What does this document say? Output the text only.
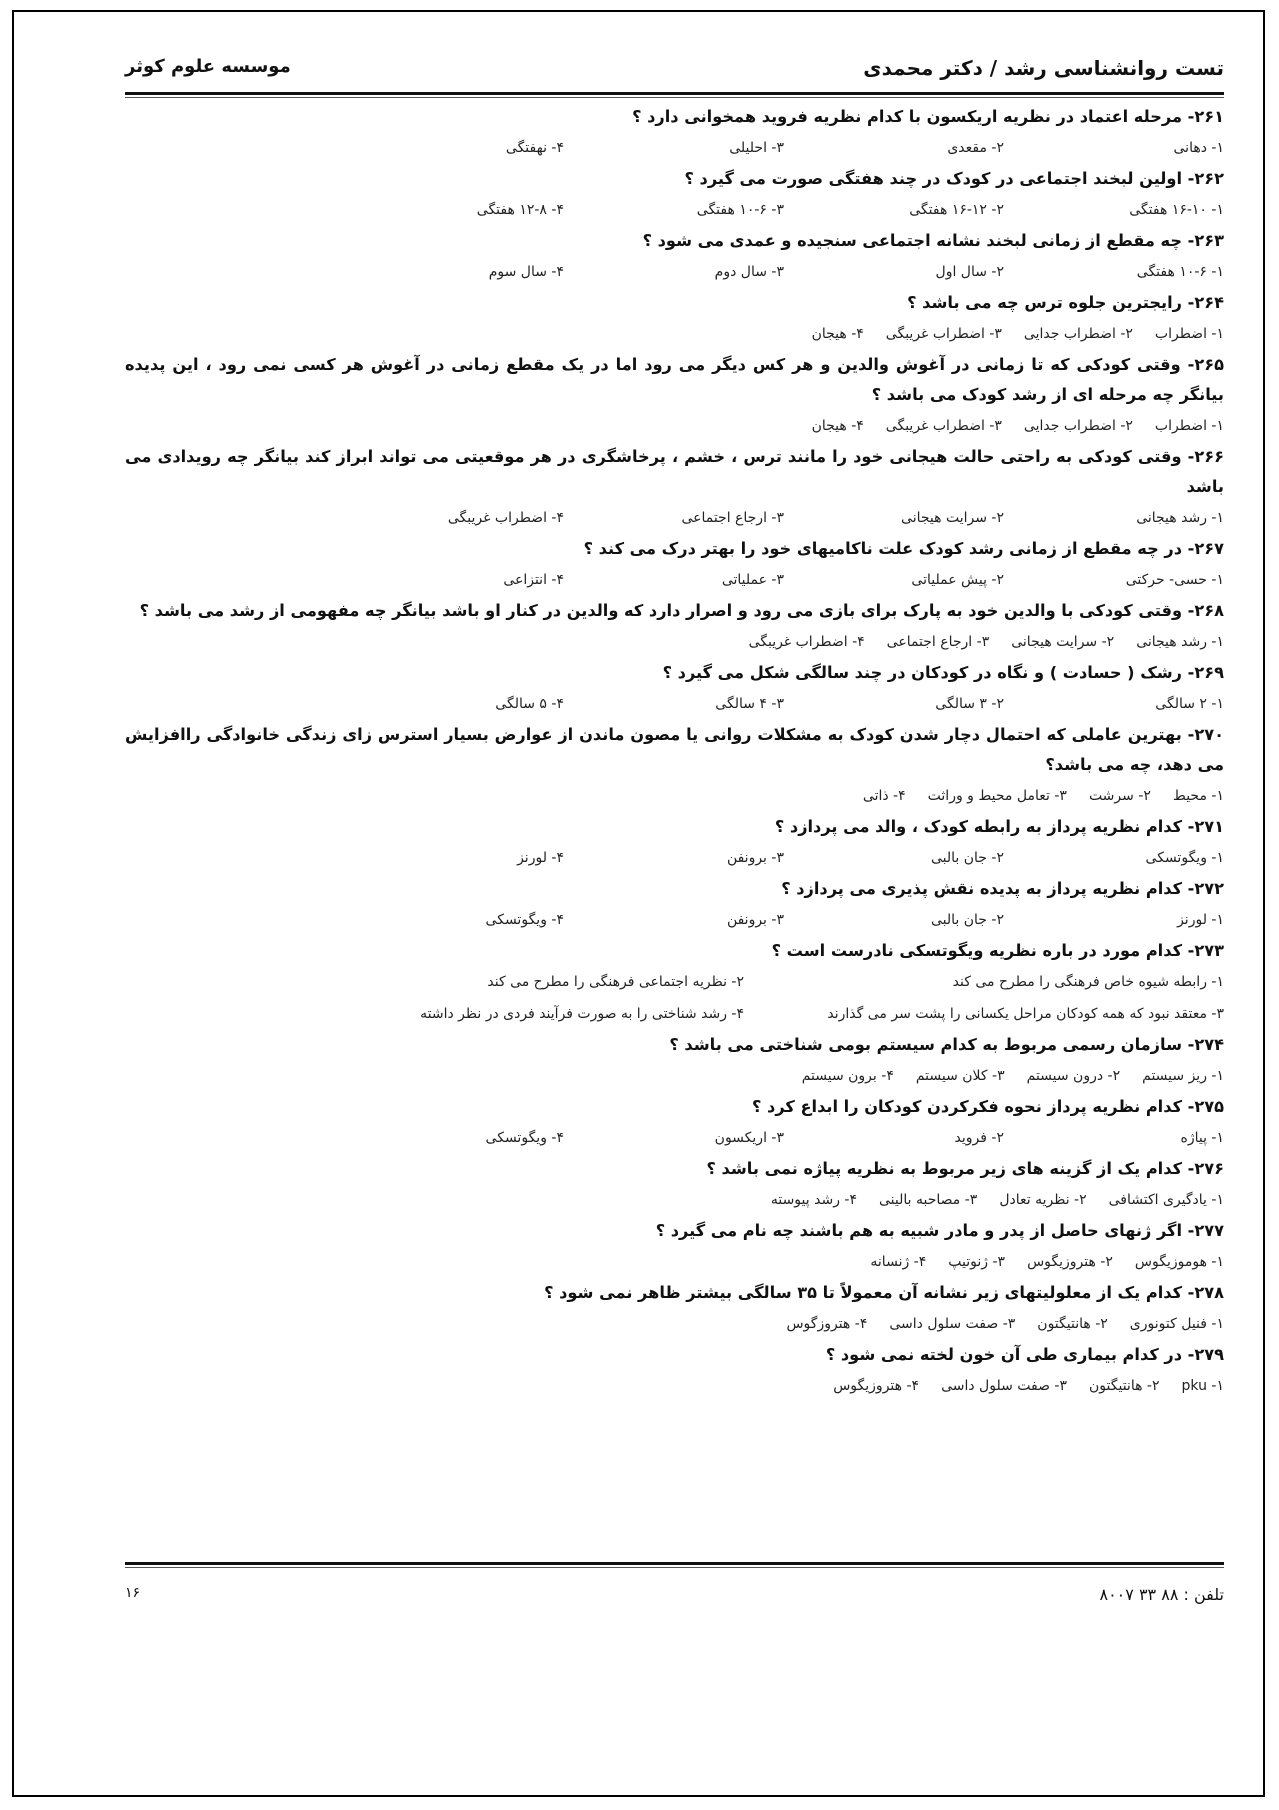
تست روانشناسی رشد / دکتر محمدی
موسسه علوم کوثر
۲۶۱- مرحله اعتماد در نظریه اریکسون با کدام نظریه فروید همخوانی دارد ؟
۱- دهانی
۲- مقعدی
۳- احلیلی
۴- نهفتگی
۲۶۲- اولین لبخند اجتماعی در کودک در چند هفتگی صورت می گیرد ؟
۱- ۱۶-۱۰ هفتگی
۲- ۱۶-۱۲ هفتگی
۳- ۱۰-۶ هفتگی
۴- ۱۲-۸ هفتگی
۲۶۳- چه مقطع از زمانی لبخند نشانه اجتماعی سنجیده و عمدی می شود ؟
۱- ۱۰-۶ هفتگی
۲- سال اول
۳- سال دوم
۴- سال سوم
۲۶۴- رایجترین جلوه ترس چه می باشد ؟
۱- اضطراب
۲- اضطراب جدایی
۳- اضطراب غریبگی
۴- هیجان
۲۶۵- وقتی کودکی که تا زمانی در آغوش والدین و هر کس دیگر می رود اما در یک مقطع زمانی در آغوش هر کسی نمی رود ، این پدیده بیانگر چه مرحله ای از رشد کودک می باشد ؟
۱- اضطراب
۲- اضطراب جدایی
۳- اضطراب غریبگی
۴- هیجان
۲۶۶- وقتی کودکی به راحتی حالت هیجانی خود را مانند ترس ، خشم ، پرخاشگری در هر موقعیتی می تواند ابراز کند بیانگر چه رویدادی می باشد
۱- رشد هیجانی
۲- سرایت هیجانی
۳- ارجاع اجتماعی
۴- اضطراب غریبگی
۲۶۷- در چه مقطع از زمانی رشد کودک علت ناکامیهای خود را بهتر درک می کند ؟
۱- حسی- حرکتی
۲- پیش عملیاتی
۳- عملیاتی
۴- انتزاعی
۲۶۸- وقتی کودکی با والدین خود به پارک برای بازی می رود و اصرار دارد که والدین در کنار او باشد بیانگر چه مفهومی از رشد می باشد ؟
۱- رشد هیجانی
۲- سرایت هیجانی
۳- ارجاع اجتماعی
۴- اضطراب غریبگی
۲۶۹- رشک ( حسادت ) و نگاه در کودکان در چند سالگی شکل می گیرد ؟
۱- ۲ سالگی
۲- ۳ سالگی
۳- ۴ سالگی
۴- ۵ سالگی
۲۷۰- بهترین عاملی که احتمال دچار شدن کودک به مشکلات روانی یا مصون ماندن از عوارض بسیار استرس زای زندگی خانوادگی راافزایش می دهد، چه می باشد؟
۱- محیط
۲- سرشت
۳- تعامل محیط و وراثت
۴- ذاتی
۲۷۱- کدام نظریه پرداز به رابطه کودک ، والد می پردازد ؟
۱- ویگوتسکی
۲- جان بالبی
۳- برونفن
۴- لورنز
۲۷۲- کدام نظریه پرداز به پدیده نقش پذیری می پردازد ؟
۱- لورنز
۲- جان بالبی
۳- برونفن
۴- ویگوتسکی
۲۷۳- کدام مورد در باره نظریه ویگوتسکی نادرست است ؟
۱- رابطه شیوه خاص فرهنگی را مطرح می کند
۲- نظریه اجتماعی فرهنگی را مطرح می کند
۳- معتقد نبود که همه کودکان مراحل یکسانی را پشت سر می گذارند
۴- رشد شناختی را به صورت فرآیند فردی در نظر داشته
۲۷۴- سازمان رسمی مربوط به کدام سیستم بومی شناختی می باشد ؟
۱- ریز سیستم
۲- درون سیستم
۳- کلان سیستم
۴- برون سیستم
۲۷۵- کدام نظریه پرداز نحوه فکرکردن کودکان را ابداع کرد ؟
۱- پیاژه
۲- فروید
۳- اریکسون
۴- ویگوتسکی
۲۷۶- کدام یک از گزینه های زیر مربوط به نظریه پیاژه نمی باشد ؟
۱- یادگیری اکتشافی
۲- نظریه تعادل
۳- مصاحبه بالینی
۴- رشد پیوسته
۲۷۷- اگر ژنهای حاصل از پدر و مادر شبیه به هم باشند چه نام می گیرد ؟
۱- هوموزیگوس
۲- هتروزیگوس
۳- ژنوتیپ
۴- ژنسانه
۲۷۸- کدام یک از معلولیتهای زیر نشانه آن معمولاً تا ۳۵ سالگی بیشتر ظاهر نمی شود ؟
۱- فنیل کتونوری
۲- هانتیگتون
۳- صفت سلول داسی
۴- هتروزگوس
۲۷۹- در کدام بیماری طی آن خون لخته نمی شود ؟
۱- pku
۲- هانتیگتون
۳- صفت سلول داسی
۴- هتروزیگوس
تلفن : ۸۸ ۳۳ ۸۰۰۷
۱۶
